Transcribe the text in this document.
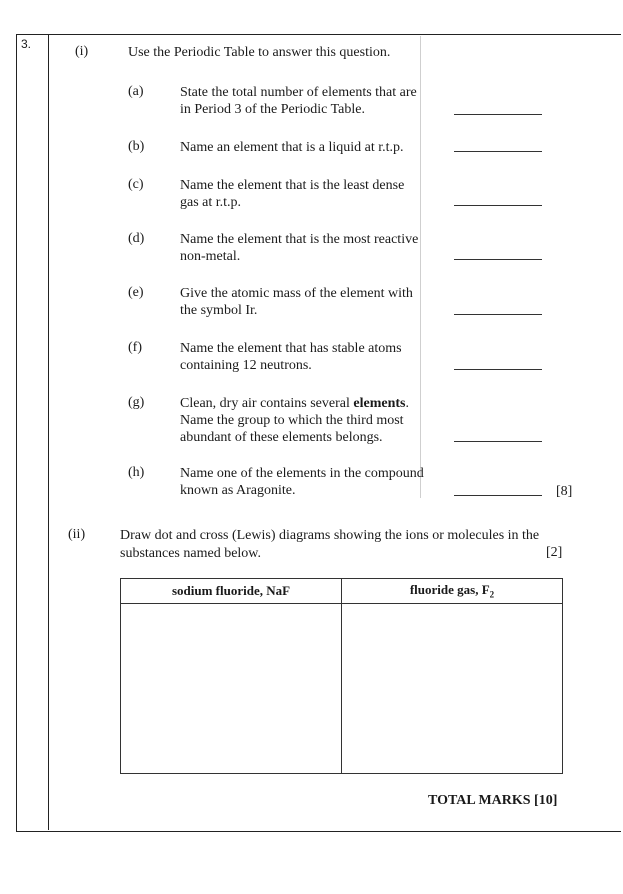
3.	(i)	Use the Periodic Table to answer this question.
(a)	State the total number of elements that are
in Period 3 of the Periodic Table.
(b)	Name an element that is a liquid at r.t.p.
(c)	Name the element that is the least dense
gas at r.t.p.
(d)	Name the element that is the most reactive
non-metal.
(e)	Give the atomic mass of the element with
the symbol Ir.
(f)	Name the element that has stable atoms
containing 12 neutrons.
(g)	Clean, dry air contains several elements.
Name the group to which the third most
abundant of these elements belongs.
(h)	Name one of the elements in the compound
known as Aragonite.	[8]
(ii) Draw dot and cross (Lewis) diagrams showing the ions or molecules in the
substances named below.	[2]
sodium fluoride, NaF	fluoride gas, $F_2$

TOTAL MARKS [10]
